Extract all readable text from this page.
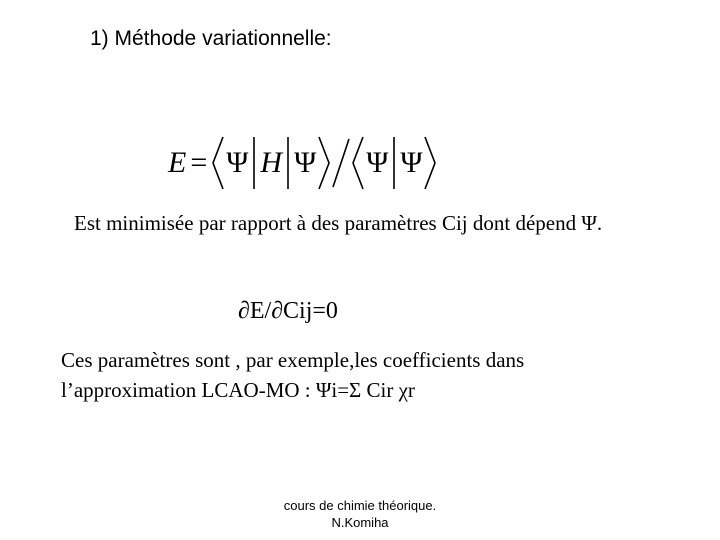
1) Méthode variationnelle:
E = Ψ H Ψ Ψ Ψ
Est minimisée par rapport à des paramètres Cij dont dépend Ψ.
∂E/∂Cij=0
Ces paramètres sont , par exemple,les coefficients dans
l’approximation LCAO-MO : Ψi=Σ Cir χr
cours de chimie théorique.
N.Komiha
